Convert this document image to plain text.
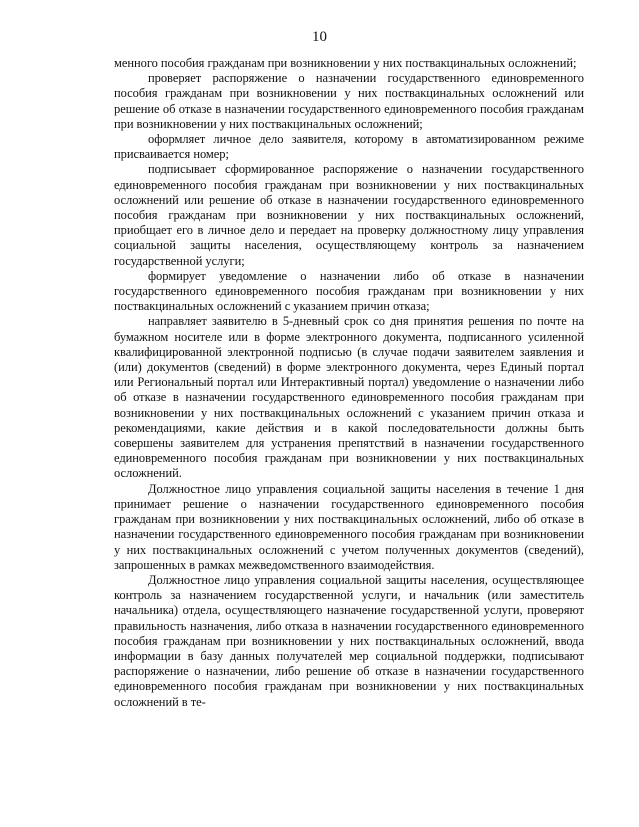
10

менного пособия гражданам при возникновении у них поствакцинальных осложнений;

проверяет распоряжение о назначении государственного единовременного пособия гражданам при возникновении у них поствакцинальных осложнений или решение об отказе в назначении государственного единовременного пособия гражданам при возникновении у них поствакцинальных осложнений;

оформляет личное дело заявителя, которому в автоматизированном режиме присваивается номер;

подписывает сформированное распоряжение о назначении государственного единовременного пособия гражданам при возникновении у них поствакцинальных осложнений или решение об отказе в назначении государственного единовременного пособия гражданам при возникновении у них поствакцинальных осложнений, приобщает его в личное дело и передает на проверку должностному лицу управления социальной защиты населения, осуществляющему контроль за назначением государственной услуги;

формирует уведомление о назначении либо об отказе в назначении государственного единовременного пособия гражданам при возникновении у них поствакцинальных осложнений с указанием причин отказа;

направляет заявителю в 5-дневный срок со дня принятия решения по почте на бумажном носителе или в форме электронного документа, подписанного усиленной квалифицированной электронной подписью (в случае подачи заявителем заявления и (или) документов (сведений) в форме электронного документа, через Единый портал или Региональный портал или Интерактивный портал) уведомление о назначении либо об отказе в назначении государственного единовременного пособия гражданам при возникновении у них поствакцинальных осложнений с указанием причин отказа и рекомендациями, какие действия и в какой последовательности должны быть совершены заявителем для устранения препятствий в назначении государственного единовременного пособия гражданам при возникновении у них поствакцинальных осложнений.

Должностное лицо управления социальной защиты населения в течение 1 дня принимает решение о назначении государственного единовременного пособия гражданам при возникновении у них поствакцинальных осложнений, либо об отказе в назначении государственного единовременного пособия гражданам при возникновении у них поствакцинальных осложнений с учетом полученных документов (сведений), запрошенных в рамках межведомственного взаимодействия.

Должностное лицо управления социальной защиты населения, осуществляющее контроль за назначением государственной услуги, и начальник (или заместитель начальника) отдела, осуществляющего назначение государственной услуги, проверяют правильность назначения, либо отказа в назначении государственного единовременного пособия гражданам при возникновении у них поствакцинальных осложнений, ввода информации в базу данных получателей мер социальной поддержки, подписывают распоряжение о назначении, либо решение об отказе в назначении государственного единовременного пособия гражданам при возникновении у них поствакцинальных осложнений в те-
